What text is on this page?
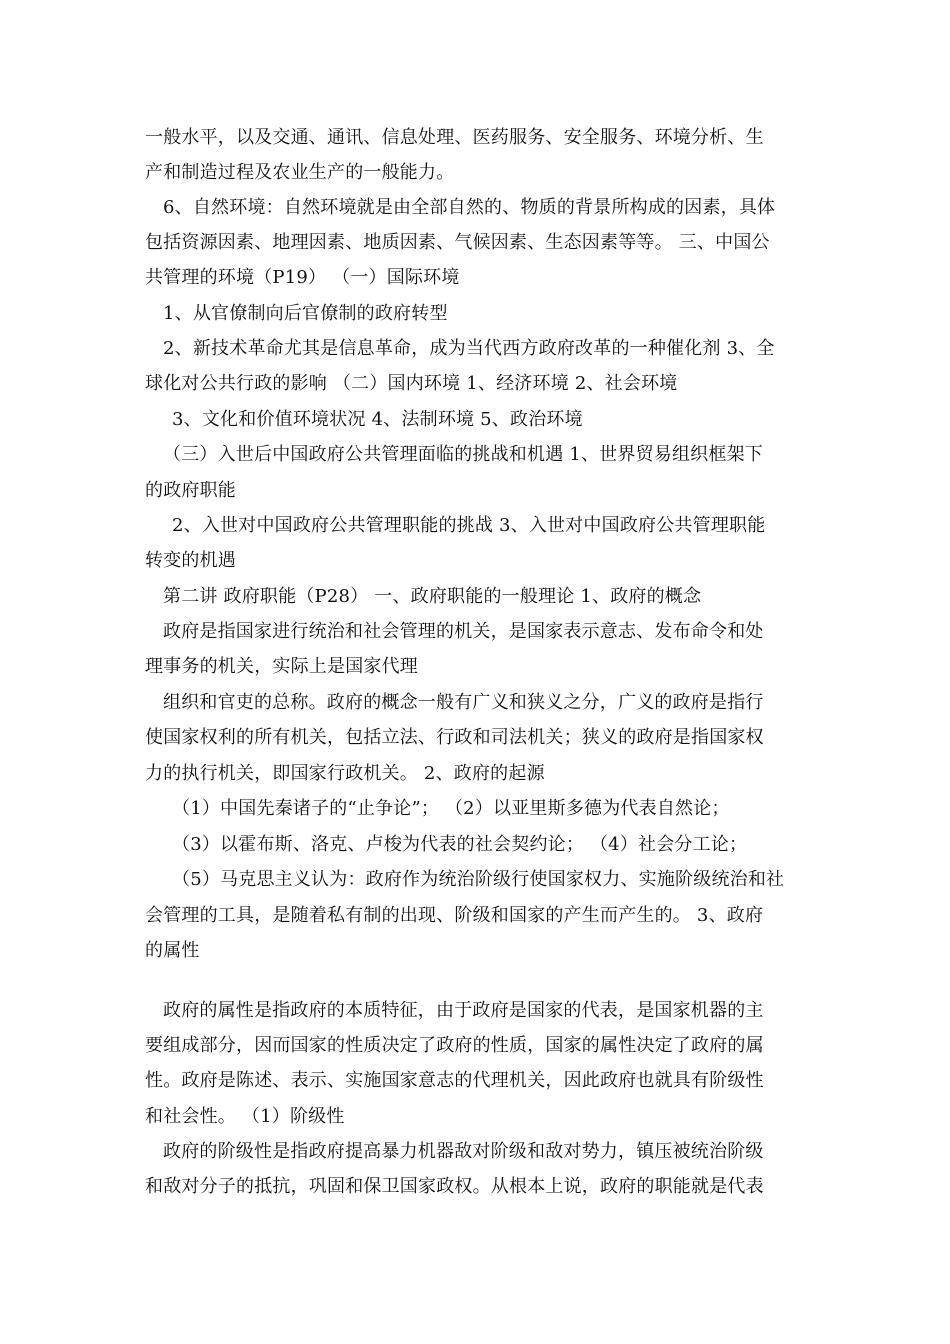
一般水平，以及交通、通讯、信息处理、医药服务、安全服务、环境分析、生
产和制造过程及农业生产的一般能力。
6、自然环境：自然环境就是由全部自然的、物质的背景所构成的因素，具体
包括资源因素、地理因素、地质因素、气候因素、生态因素等等。 三、中国公
共管理的环境（P19） （一）国际环境
1、从官僚制向后官僚制的政府转型
2、新技术革命尤其是信息革命，成为当代西方政府改革的一种催化剂 3、全
球化对公共行政的影响 （二）国内环境 1、经济环境 2、社会环境
3、文化和价值环境状况 4、法制环境 5、政治环境
（三）入世后中国政府公共管理面临的挑战和机遇 1、世界贸易组织框架下
的政府职能
2、入世对中国政府公共管理职能的挑战 3、入世对中国政府公共管理职能
转变的机遇
第二讲 政府职能（P28） 一、政府职能的一般理论 1、政府的概念
政府是指国家进行统治和社会管理的机关，是国家表示意志、发布命令和处
理事务的机关，实际上是国家代理
组织和官吏的总称。政府的概念一般有广义和狭义之分，广义的政府是指行
使国家权利的所有机关，包括立法、行政和司法机关；狭义的政府是指国家权
力的执行机关，即国家行政机关。 2、政府的起源
（1）中国先秦诸子的“止争论”； （2）以亚里斯多德为代表自然论；
（3）以霍布斯、洛克、卢梭为代表的社会契约论； （4）社会分工论；
（5）马克思主义认为：政府作为统治阶级行使国家权力、实施阶级统治和社
会管理的工具，是随着私有制的出现、阶级和国家的产生而产生的。 3、政府
的属性
政府的属性是指政府的本质特征，由于政府是国家的代表，是国家机器的主
要组成部分，因而国家的性质决定了政府的性质，国家的属性决定了政府的属
性。政府是陈述、表示、实施国家意志的代理机关，因此政府也就具有阶级性
和社会性。 （1）阶级性
政府的阶级性是指政府提高暴力机器敌对阶级和敌对势力，镇压被统治阶级
和敌对分子的抵抗，巩固和保卫国家政权。从根本上说，政府的职能就是代表
